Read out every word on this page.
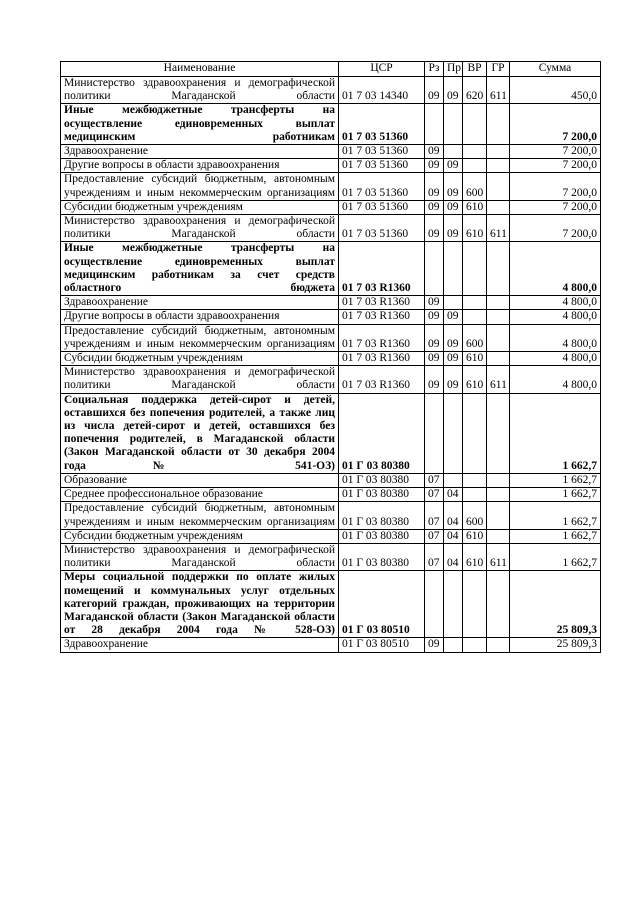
Наименование	ЦСР	Рз	Пр	ВР	ГР	Сумма
Министерство здравоохранения и демографической политики Магаданской области	01 7 03 14340	09	09	620	611	450,0
Иные межбюджетные трансферты на осуществление единовременных выплат медицинским работникам	01 7 03 51360					7 200,0
Здравоохранение	01 7 03 51360	09				7 200,0
Другие вопросы в области здравоохранения	01 7 03 51360	09	09			7 200,0
Предоставление субсидий бюджетным, автономным учреждениям и иным некоммерческим организациям	01 7 03 51360	09	09	600		7 200,0
Субсидии бюджетным учреждениям	01 7 03 51360	09	09	610		7 200,0
Министерство здравоохранения и демографической политики Магаданской области	01 7 03 51360	09	09	610	611	7 200,0
Иные межбюджетные трансферты на осуществление единовременных выплат медицинским работникам за счет средств областного бюджета	01 7 03 R1360					4 800,0
Здравоохранение	01 7 03 R1360	09				4 800,0
Другие вопросы в области здравоохранения	01 7 03 R1360	09	09			4 800,0
Предоставление субсидий бюджетным, автономным учреждениям и иным некоммерческим организациям	01 7 03 R1360	09	09	600		4 800,0
Субсидии бюджетным учреждениям	01 7 03 R1360	09	09	610		4 800,0
Министерство здравоохранения и демографической политики Магаданской области	01 7 03 R1360	09	09	610	611	4 800,0
Социальная поддержка детей-сирот и детей, оставшихся без попечения родителей, а также лиц из числа детей-сирот и детей, оставшихся без попечения родителей, в Магаданской области (Закон Магаданской области от 30 декабря 2004 года № 541-ОЗ)	01 Г 03 80380					1 662,7
Образование	01 Г 03 80380	07				1 662,7
Среднее профессиональное образование	01 Г 03 80380	07	04			1 662,7
Предоставление субсидий бюджетным, автономным учреждениям и иным некоммерческим организациям	01 Г 03 80380	07	04	600		1 662,7
Субсидии бюджетным учреждениям	01 Г 03 80380	07	04	610		1 662,7
Министерство здравоохранения и демографической политики Магаданской области	01 Г 03 80380	07	04	610	611	1 662,7
Меры социальной поддержки по оплате жилых помещений и коммунальных услуг отдельных категорий граждан, проживающих на территории Магаданской области (Закон Магаданской области от 28 декабря 2004 года № 528-ОЗ)	01 Г 03 80510					25 809,3
Здравоохранение	01 Г 03 80510	09				25 809,3
